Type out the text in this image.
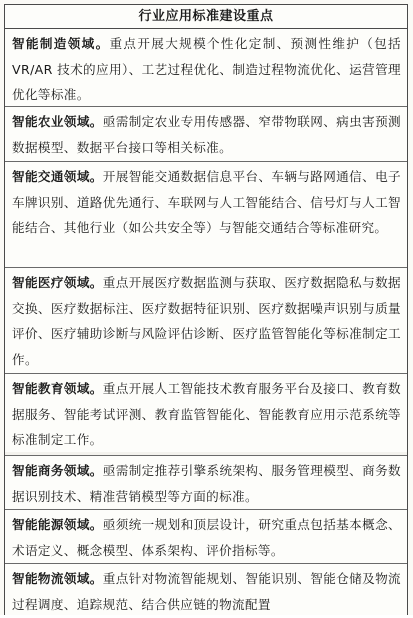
行业应用标准建设重点
智能制造领域。重点开展大规模个性化定制、预测性维护（包括 VR/AR 技术的应用）、工艺过程优化、制造过程物流优化、运营管理优化等标准。
智能农业领域。亟需制定农业专用传感器、窄带物联网、病虫害预测数据模型、数据平台接口等相关标准。
智能交通领域。开展智能交通数据信息平台、车辆与路网通信、电子车牌识别、道路优先通行、车联网与人工智能结合、信号灯与人工智能结合、其他行业（如公共安全等）与智能交通结合等标准研究。
智能医疗领域。重点开展医疗数据监测与获取、医疗数据隐私与数据交换、医疗数据标注、医疗数据特征识别、医疗数据噪声识别与质量评价、医疗辅助诊断与风险评估诊断、医疗监管智能化等标准制定工作。
智能教育领域。重点开展人工智能技术教育服务平台及接口、教育数据服务、智能考试评测、教育监管智能化、智能教育应用示范系统等标准制定工作。
智能商务领域。亟需制定推荐引擎系统架构、服务管理模型、商务数据识别技术、精准营销模型等方面的标准。
智能能源领域。亟须统一规划和顶层设计，研究重点包括基本概念、术语定义、概念模型、体系架构、评价指标等。
智能物流领域。重点针对物流智能规划、智能识别、智能仓储及物流过程调度、追踪规范、结合供应链的物流配置
